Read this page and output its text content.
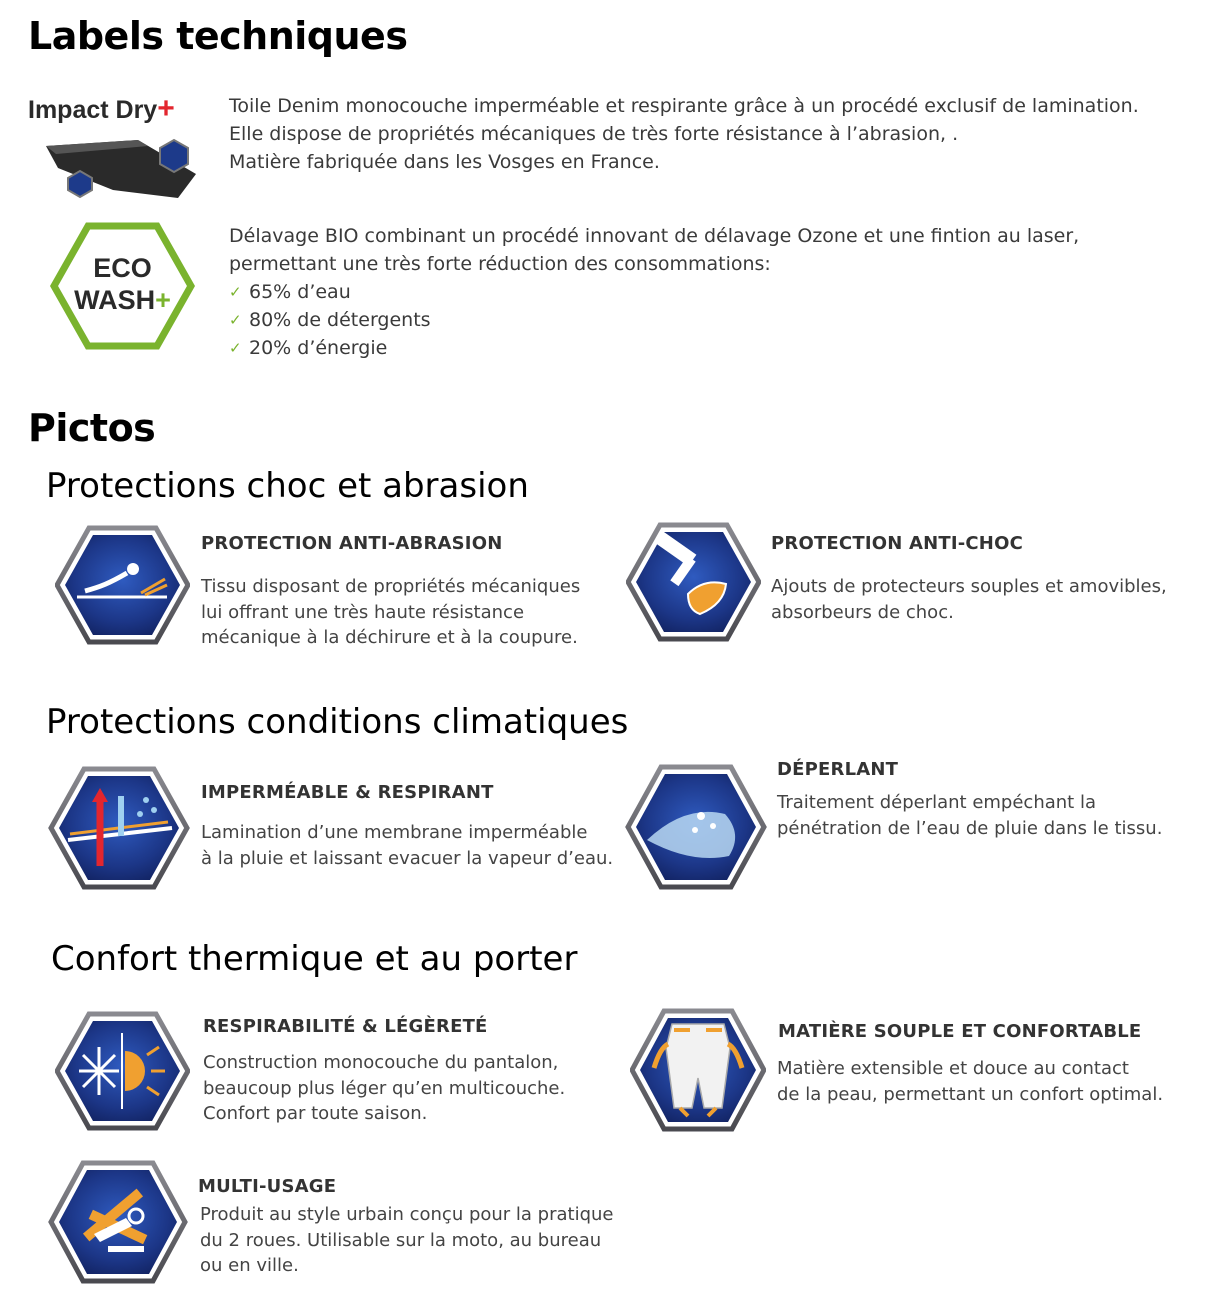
Labels techniques
Impact Dry+	Toile Denim monocouche imperméable et respirante grâce à un procédé exclusif de lamination.
Elle dispose de propriétés mécaniques de très forte résistance à l’abrasion, .
Matière fabriquée dans les Vosges en France.
ECO
WASH+
Délavage BIO combinant un procédé innovant de délavage Ozone et une fintion au laser,
permettant une très forte réduction des consommations:
✓ 65% d’eau
✓ 80% de détergents
✓ 20% d’énergie
Pictos
Protections choc et abrasion
PROTECTION ANTI-ABRASION
Tissu disposant de propriétés mécaniques
lui offrant une très haute résistance
mécanique à la déchirure et à la coupure.
PROTECTION ANTI-CHOC
Ajouts de protecteurs souples et amovibles,
absorbeurs de choc.
Protections conditions climatiques
IMPERMÉABLE & RESPIRANT
Lamination d’une membrane imperméable
à la pluie et laissant evacuer la vapeur d’eau.
DÉPERLANT
Traitement déperlant empéchant la
pénétration de l’eau de pluie dans le tissu.
Confort thermique et au porter
RESPIRABILITÉ & LÉGÈRETÉ
Construction monocouche du pantalon,
beaucoup plus léger qu’en multicouche.
Confort par toute saison.
MATIÈRE SOUPLE ET CONFORTABLE
Matière extensible et douce au contact
de la peau, permettant un confort optimal.
MULTI-USAGE
Produit au style urbain conçu pour la pratique
du 2 roues. Utilisable sur la moto, au bureau
ou en ville.
